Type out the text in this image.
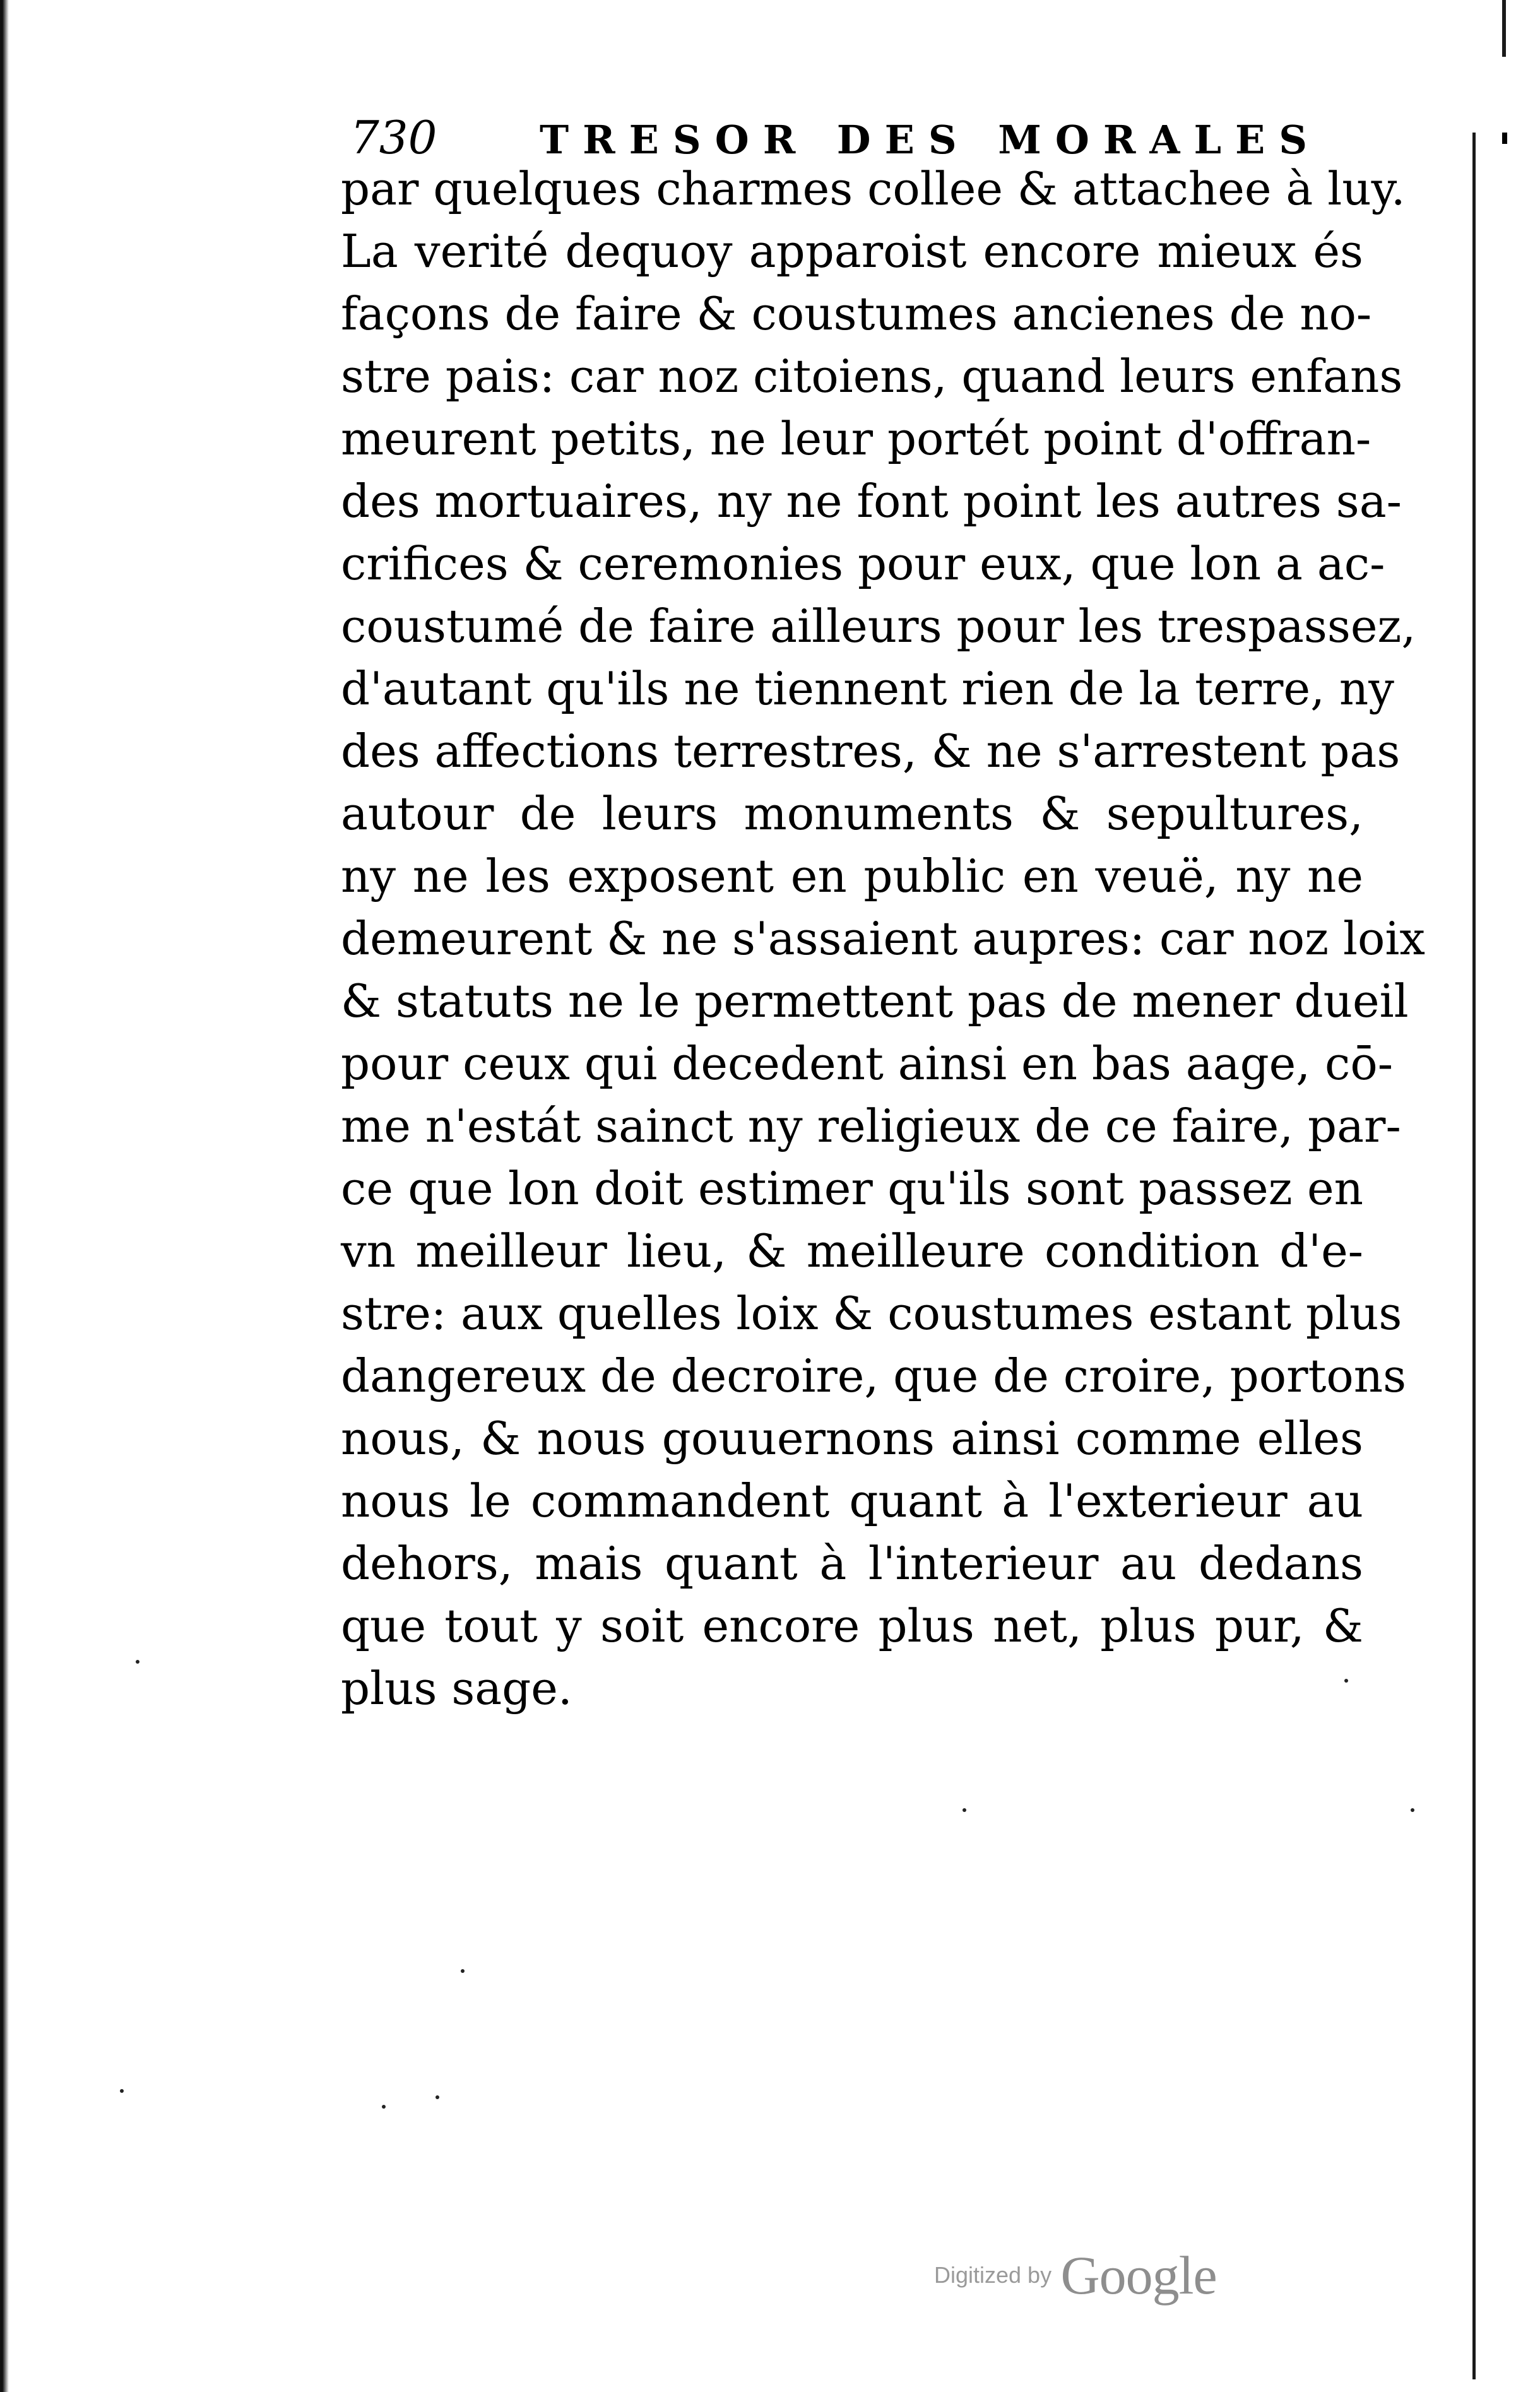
730	TRESOR DES MORALES
par quelques charmes collee & attachee à luy.
La verité dequoy apparoist encore mieux és
façons de faire & coustumes ancienes de no-
stre pais: car noz citoiens, quand leurs enfans
meurent petits, ne leur portét point d'offran-
des mortuaires, ny ne font point les autres sa-
crifices & ceremonies pour eux, que lon a ac-
coustumé de faire ailleurs pour les trespassez,
d'autant qu'ils ne tiennent rien de la terre, ny
des affections terrestres, & ne s'arrestent pas
autour de leurs monuments & sepultures,
ny ne les exposent en public en veuë, ny ne
demeurent & ne s'assaient aupres: car noz loix
& statuts ne le permettent pas de mener dueil
pour ceux qui decedent ainsi en bas aage, cō-
me n'estát sainct ny religieux de ce faire, par-
ce que lon doit estimer qu'ils sont passez en
vn meilleur lieu, & meilleure condition d'e-
stre: aux quelles loix & coustumes estant plus
dangereux de decroire, que de croire, portons
nous, & nous gouuernons ainsi comme elles
nous le commandent quant à l'exterieur au
dehors, mais quant à l'interieur au dedans
que tout y soit encore plus net, plus pur, &
plus sage.
Digitized by Google
